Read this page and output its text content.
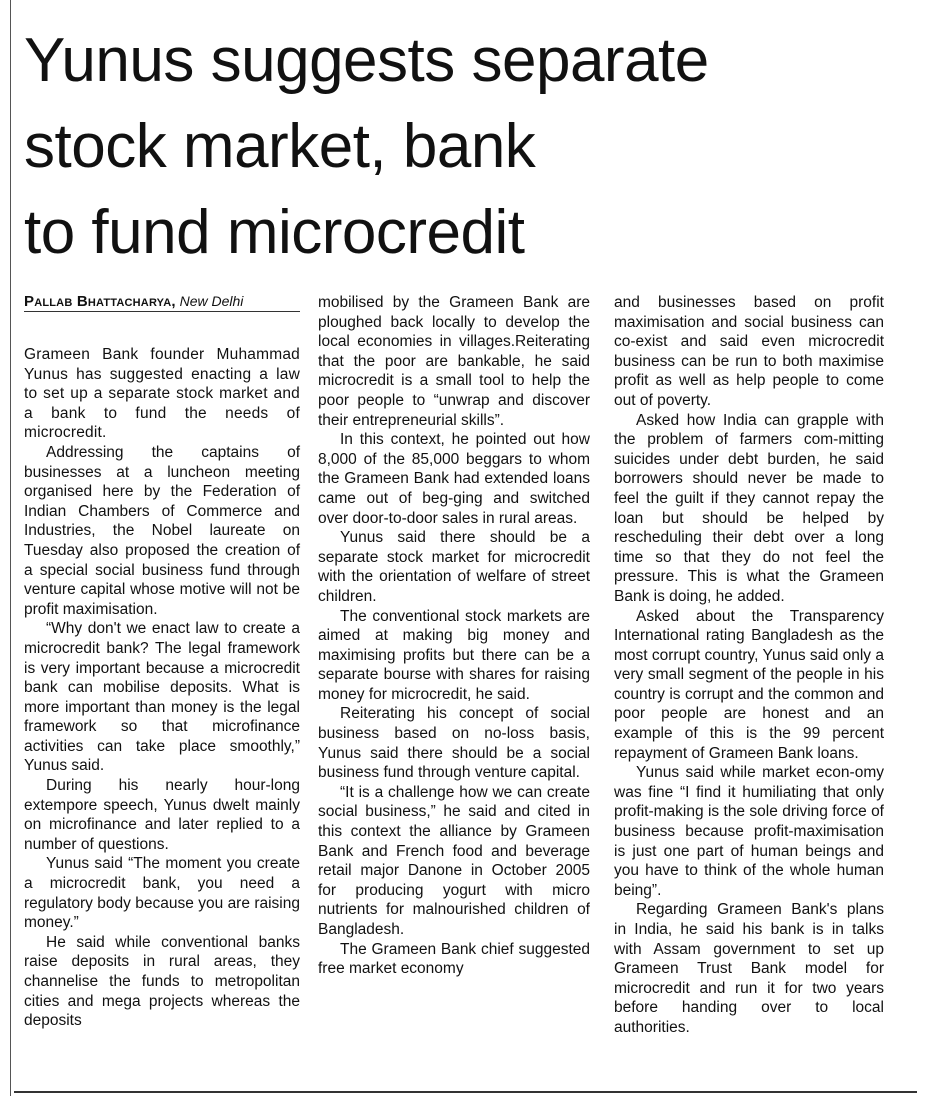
Yunus suggests separate
stock market, bank
to fund microcredit
Pallab Bhattacharya, New Delhi

Grameen Bank founder Muhammad Yunus has suggested enacting a law to set up a separate stock market and a bank to fund the needs of microcredit.

Addressing the captains of businesses at a luncheon meeting organised here by the Federation of Indian Chambers of Commerce and Industries, the Nobel laureate on Tuesday also proposed the creation of a special social business fund through venture capital whose motive will not be profit maximisation.

“Why don't we enact law to create a microcredit bank? The legal framework is very important because a microcredit bank can mobilise deposits. What is more important than money is the legal framework so that microfinance activities can take place smoothly,” Yunus said.

During his nearly hour-long extempore speech, Yunus dwelt mainly on microfinance and later replied to a number of questions.

Yunus said “The moment you create a microcredit bank, you need a regulatory body because you are raising money.”

He said while conventional banks raise deposits in rural areas, they channelise the funds to metropolitan cities and mega projects whereas the deposits

mobilised by the Grameen Bank are ploughed back locally to develop the local economies in villages.Reiterating that the poor are bankable, he said microcredit is a small tool to help the poor people to “unwrap and discover their entrepreneurial skills”.

In this context, he pointed out how 8,000 of the 85,000 beggars to whom the Grameen Bank had extended loans came out of beg-ging and switched over door-to-door sales in rural areas.

Yunus said there should be a separate stock market for microcredit with the orientation of welfare of street children.

The conventional stock markets are aimed at making big money and maximising profits but there can be a separate bourse with shares for raising money for microcredit, he said.

Reiterating his concept of social business based on no-loss basis, Yunus said there should be a social business fund through venture capital.

“It is a challenge how we can create social business,” he said and cited in this context the alliance by Grameen Bank and French food and beverage retail major Danone in October 2005 for producing yogurt with micro nutrients for malnourished children of Bangladesh.

The Grameen Bank chief suggested free market economy

and businesses based on profit maximisation and social business can co-exist and said even microcredit business can be run to both maximise profit as well as help people to come out of poverty.

Asked how India can grapple with the problem of farmers com-mitting suicides under debt burden, he said borrowers should never be made to feel the guilt if they cannot repay the loan but should be helped by rescheduling their debt over a long time so that they do not feel the pressure. This is what the Grameen Bank is doing, he added.

Asked about the Transparency International rating Bangladesh as the most corrupt country, Yunus said only a very small segment of the people in his country is corrupt and the common and poor people are honest and an example of this is the 99 percent repayment of Grameen Bank loans.

Yunus said while market econ-omy was fine “I find it humiliating that only profit-making is the sole driving force of business because profit-maximisation is just one part of human beings and you have to think of the whole human being”.

Regarding Grameen Bank's plans in India, he said his bank is in talks with Assam government to set up Grameen Trust Bank model for microcredit and run it for two years before handing over to local authorities.
